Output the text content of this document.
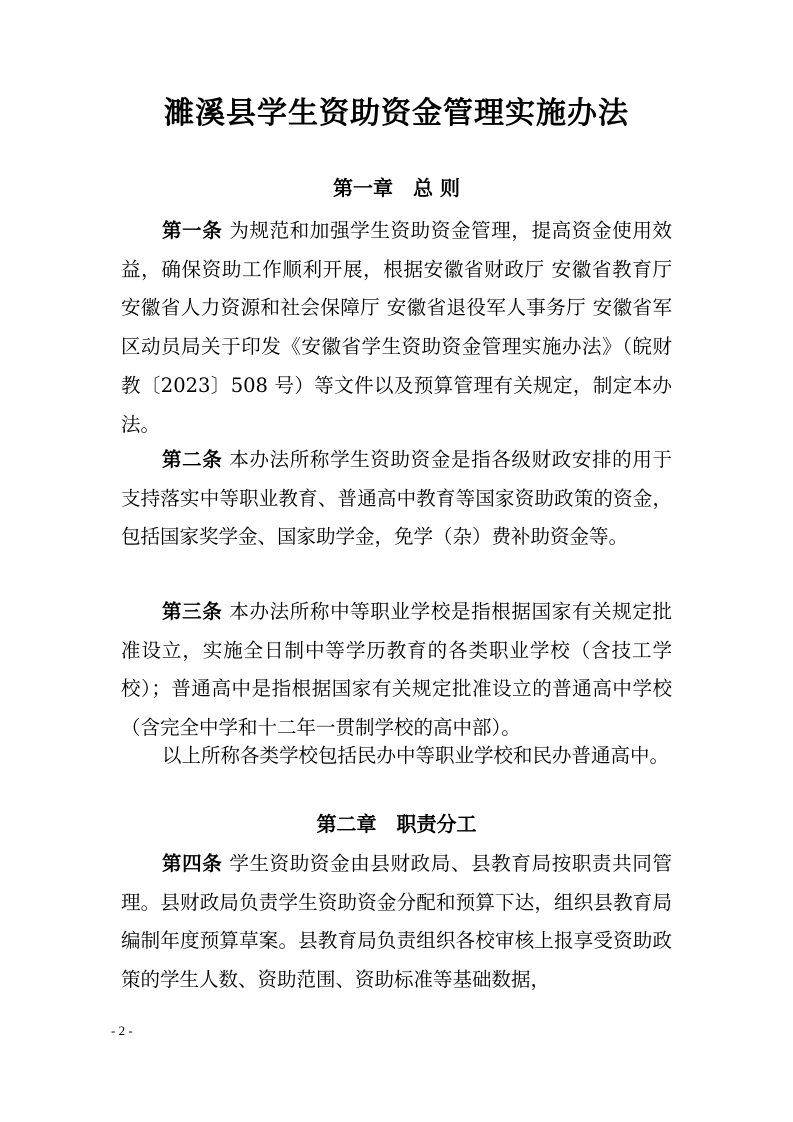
濉溪县学生资助资金管理实施办法
第一章　总 则

第一条 为规范和加强学生资助资金管理，提高资金使用效益，确保资助工作顺利开展，根据安徽省财政厅 安徽省教育厅 安徽省人力资源和社会保障厅 安徽省退役军人事务厅 安徽省军区动员局关于印发《安徽省学生资助资金管理实施办法》（皖财教〔2023〕508 号）等文件以及预算管理有关规定，制定本办法。

第二条 本办法所称学生资助资金是指各级财政安排的用于支持落实中等职业教育、普通高中教育等国家资助政策的资金，包括国家奖学金、国家助学金，免学（杂）费补助资金等。

第三条 本办法所称中等职业学校是指根据国家有关规定批准设立，实施全日制中等学历教育的各类职业学校（含技工学校）；普通高中是指根据国家有关规定批准设立的普通高中学校（含完全中学和十二年一贯制学校的高中部）。

以上所称各类学校包括民办中等职业学校和民办普通高中。

第二章　职责分工

第四条 学生资助资金由县财政局、县教育局按职责共同管理。县财政局负责学生资助资金分配和预算下达，组织县教育局编制年度预算草案。县教育局负责组织各校审核上报享受资助政策的学生人数、资助范围、资助标准等基础数据，

- 2 -
